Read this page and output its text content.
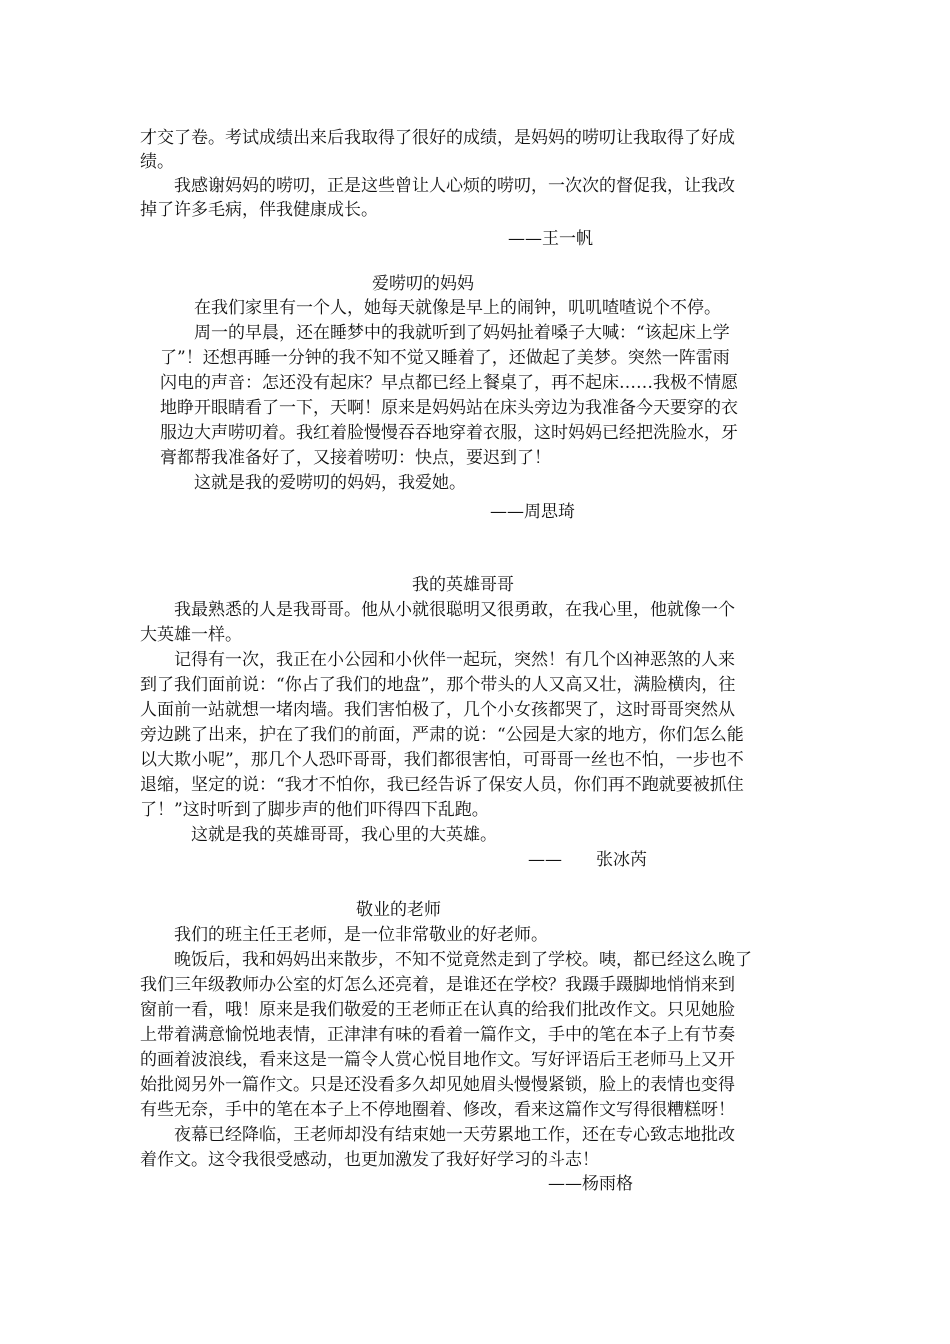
才交了卷。考试成绩出来后我取得了很好的成绩，是妈妈的唠叨让我取得了好成
绩。
　　我感谢妈妈的唠叨，正是这些曾让人心烦的唠叨，一次次的督促我，让我改
掉了许多毛病，伴我健康成长。
——王一帆
爱唠叨的妈妈
　　在我们家里有一个人，她每天就像是早上的闹钟，叽叽喳喳说个不停。
　　周一的早晨，还在睡梦中的我就听到了妈妈扯着嗓子大喊：“该起床上学
了”！还想再睡一分钟的我不知不觉又睡着了，还做起了美梦。突然一阵雷雨
闪电的声音：怎还没有起床？早点都已经上餐桌了，再不起床……我极不情愿
地睁开眼睛看了一下，天啊！原来是妈妈站在床头旁边为我准备今天要穿的衣
服边大声唠叨着。我红着脸慢慢吞吞地穿着衣服，这时妈妈已经把洗脸水，牙
膏都帮我准备好了，又接着唠叨：快点，要迟到了！
　　这就是我的爱唠叨的妈妈，我爱她。
——周思琦
我的英雄哥哥
　　我最熟悉的人是我哥哥。他从小就很聪明又很勇敢，在我心里，他就像一个
大英雄一样。
　　记得有一次，我正在小公园和小伙伴一起玩，突然！有几个凶神恶煞的人来
到了我们面前说：“你占了我们的地盘”，那个带头的人又高又壮，满脸横肉，往
人面前一站就想一堵肉墙。我们害怕极了，几个小女孩都哭了，这时哥哥突然从
旁边跳了出来，护在了我们的前面，严肃的说：“公园是大家的地方，你们怎么能
以大欺小呢”，那几个人恐吓哥哥，我们都很害怕，可哥哥一丝也不怕，一步也不
退缩，坚定的说：“我才不怕你，我已经告诉了保安人员，你们再不跑就要被抓住
了！”这时听到了脚步声的他们吓得四下乱跑。
　　　这就是我的英雄哥哥，我心里的大英雄。
——　　张冰芮
敬业的老师
　　我们的班主任王老师，是一位非常敬业的好老师。
　　晚饭后，我和妈妈出来散步，不知不觉竟然走到了学校。咦，都已经这么晚了
我们三年级教师办公室的灯怎么还亮着，是谁还在学校？我蹑手蹑脚地悄悄来到
窗前一看，哦！原来是我们敬爱的王老师正在认真的给我们批改作文。只见她脸
上带着满意愉悦地表情，正津津有味的看着一篇作文，手中的笔在本子上有节奏
的画着波浪线，看来这是一篇令人赏心悦目地作文。写好评语后王老师马上又开
始批阅另外一篇作文。只是还没看多久却见她眉头慢慢紧锁，脸上的表情也变得
有些无奈，手中的笔在本子上不停地圈着、修改，看来这篇作文写得很糟糕呀！
　　夜幕已经降临，王老师却没有结束她一天劳累地工作，还在专心致志地批改
着作文。这令我很受感动，也更加激发了我好好学习的斗志！
——杨雨格
